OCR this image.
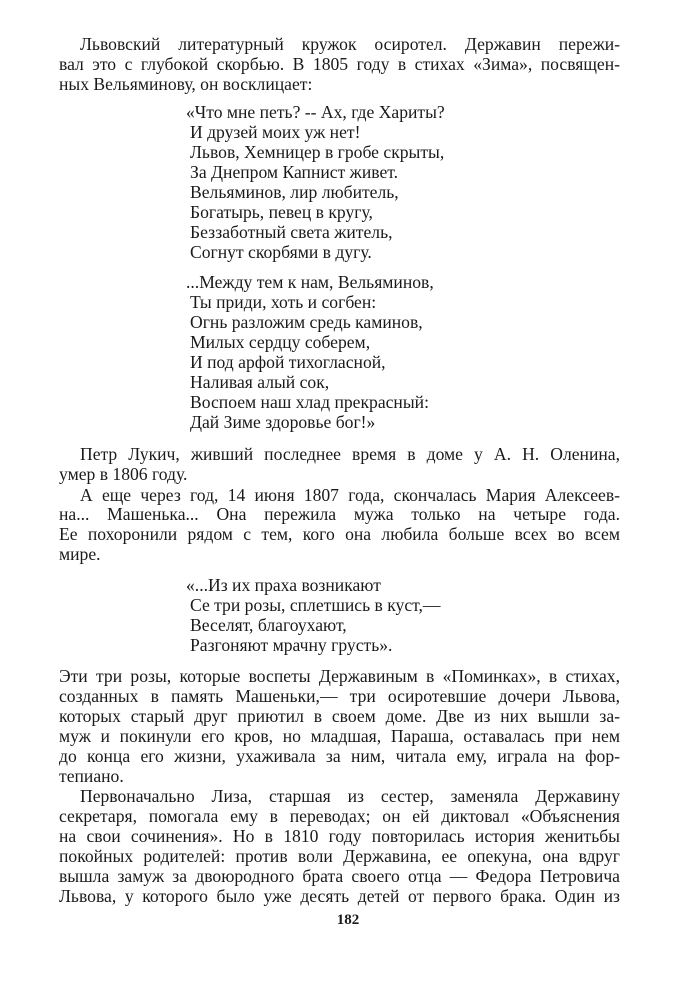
Львовский литературный кружок осиротел. Державин пережи-
вал это с глубокой скорбью. В 1805 году в стихах «Зима», посвящен-
ных Вельяминову, он восклицает:
«Что мне петь? -- Ах, где Хариты?
И друзей моих уж нет!
Львов, Хемницер в гробе скрыты,
За Днепром Капнист живет.
Вельяминов, лир любитель,
Богатырь, певец в кругу,
Беззаботный света житель,
Согнут скорбями в дугу.
...Между тем к нам, Вельяминов,
Ты приди, хоть и согбен:
Огнь разложим средь каминов,
Милых сердцу соберем,
И под арфой тихогласной,
Наливая алый сок,
Воспоем наш хлад прекрасный:
Дай Зиме здоровье бог!»
Петр Лукич, живший последнее время в доме у А. Н. Оленина,
умер в 1806 году.
А еще через год, 14 июня 1807 года, скончалась Мария Алексеев-
на... Машенька... Она пережила мужа только на четыре года.
Ее похоронили рядом с тем, кого она любила больше всех во всем
мире.
«...Из их праха возникают
Се три розы, сплетшись в куст,—
Веселят, благоухают,
Разгоняют мрачну грусть».
Эти три розы, которые воспеты Державиным в «Поминках», в стихах,
созданных в память Машеньки,— три осиротевшие дочери Львова,
которых старый друг приютил в своем доме. Две из них вышли за-
муж и покинули его кров, но младшая, Параша, оставалась при нем
до конца его жизни, ухаживала за ним, читала ему, играла на фор-
тепиано.
Первоначально Лиза, старшая из сестер, заменяла Державину
секретаря, помогала ему в переводах; он ей диктовал «Объяснения
на свои сочинения». Но в 1810 году повторилась история женитьбы
покойных родителей: против воли Державина, ее опекуна, она вдруг
вышла замуж за двоюродного брата своего отца — Федора Петровича
Львова, у которого было уже десять детей от первого брака. Один из
182
